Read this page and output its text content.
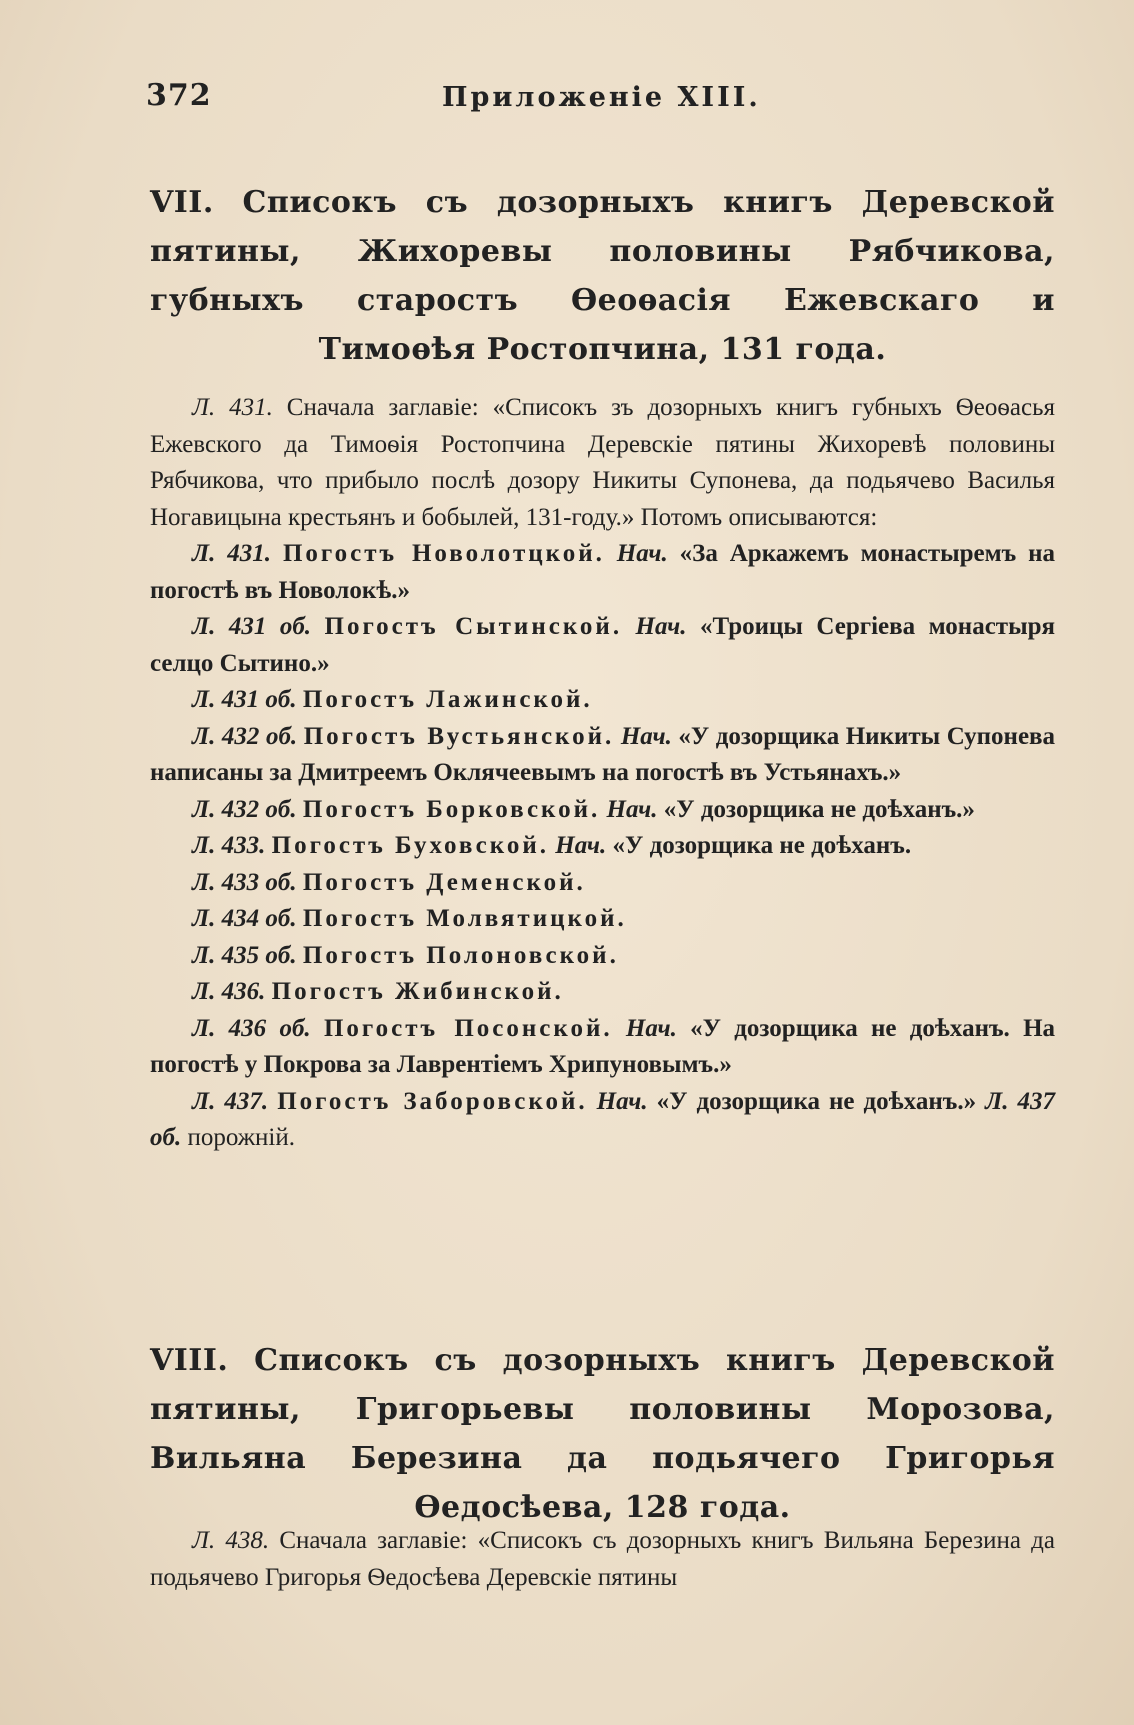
372	Приложеніе XIII.

VII. Списокъ съ дозорныхъ книгъ Деревской пятины, Жихоревы половины Рябчикова, губныхъ старостъ Ѳеоѳасія Ежевскаго и Тимоѳѣя Ростопчина, 131 года.

Л. 431. Сначала заглавіе: «Списокъ зъ дозорныхъ книгъ губныхъ Ѳеоѳасья Ежевского да Тимоѳія Ростопчина Деревскіе пятины Жихоревѣ половины Рябчикова, что прибыло послѣ дозору Никиты Супонева, да подьячево Василья Ногавицына крестьянъ и бобылей, 131-году.» Потомъ описываются:

Л. 431. Погостъ Новолотцкой. Нач. «За Аркажемъ монастыремъ на погостѣ въ Новолокѣ.»

Л. 431 об. Погостъ Сытинской. Нач. «Троицы Сергіева монастыря селцо Сытино.»

Л. 431 об. Погостъ Лажинской.

Л. 432 об. Погостъ Вустьянской. Нач. «У дозорщика Никиты Супонева написаны за Дмитреемъ Оклячеевымъ на погостѣ въ Устьянахъ.»

Л. 432 об. Погостъ Борковской. Нач. «У дозорщика не доѣханъ.»

Л. 433. Погостъ Буховской. Нач. «У дозорщика не доѣханъ.

Л. 433 об. Погостъ Деменской.

Л. 434 об. Погостъ Молвятицкой.

Л. 435 об. Погостъ Полоновской.

Л. 436. Погостъ Жибинской.

Л. 436 об. Погостъ Посонской. Нач. «У дозорщика не доѣханъ. На погостѣ у Покрова за Лаврентіемъ Хрипуновымъ.»

Л. 437. Погостъ Заборовской. Нач. «У дозорщика не доѣханъ.» Л. 437 об. порожній.

VIII. Списокъ съ дозорныхъ книгъ Деревской пятины, Григорьевы половины Морозова, Вильяна Березина да подьячего Григорья Ѳедосѣева, 128 года.

Л. 438. Сначала заглавіе: «Списокъ съ дозорныхъ книгъ Вильяна Березина да подьячево Григорья Ѳедосѣева Деревскіе пятины
